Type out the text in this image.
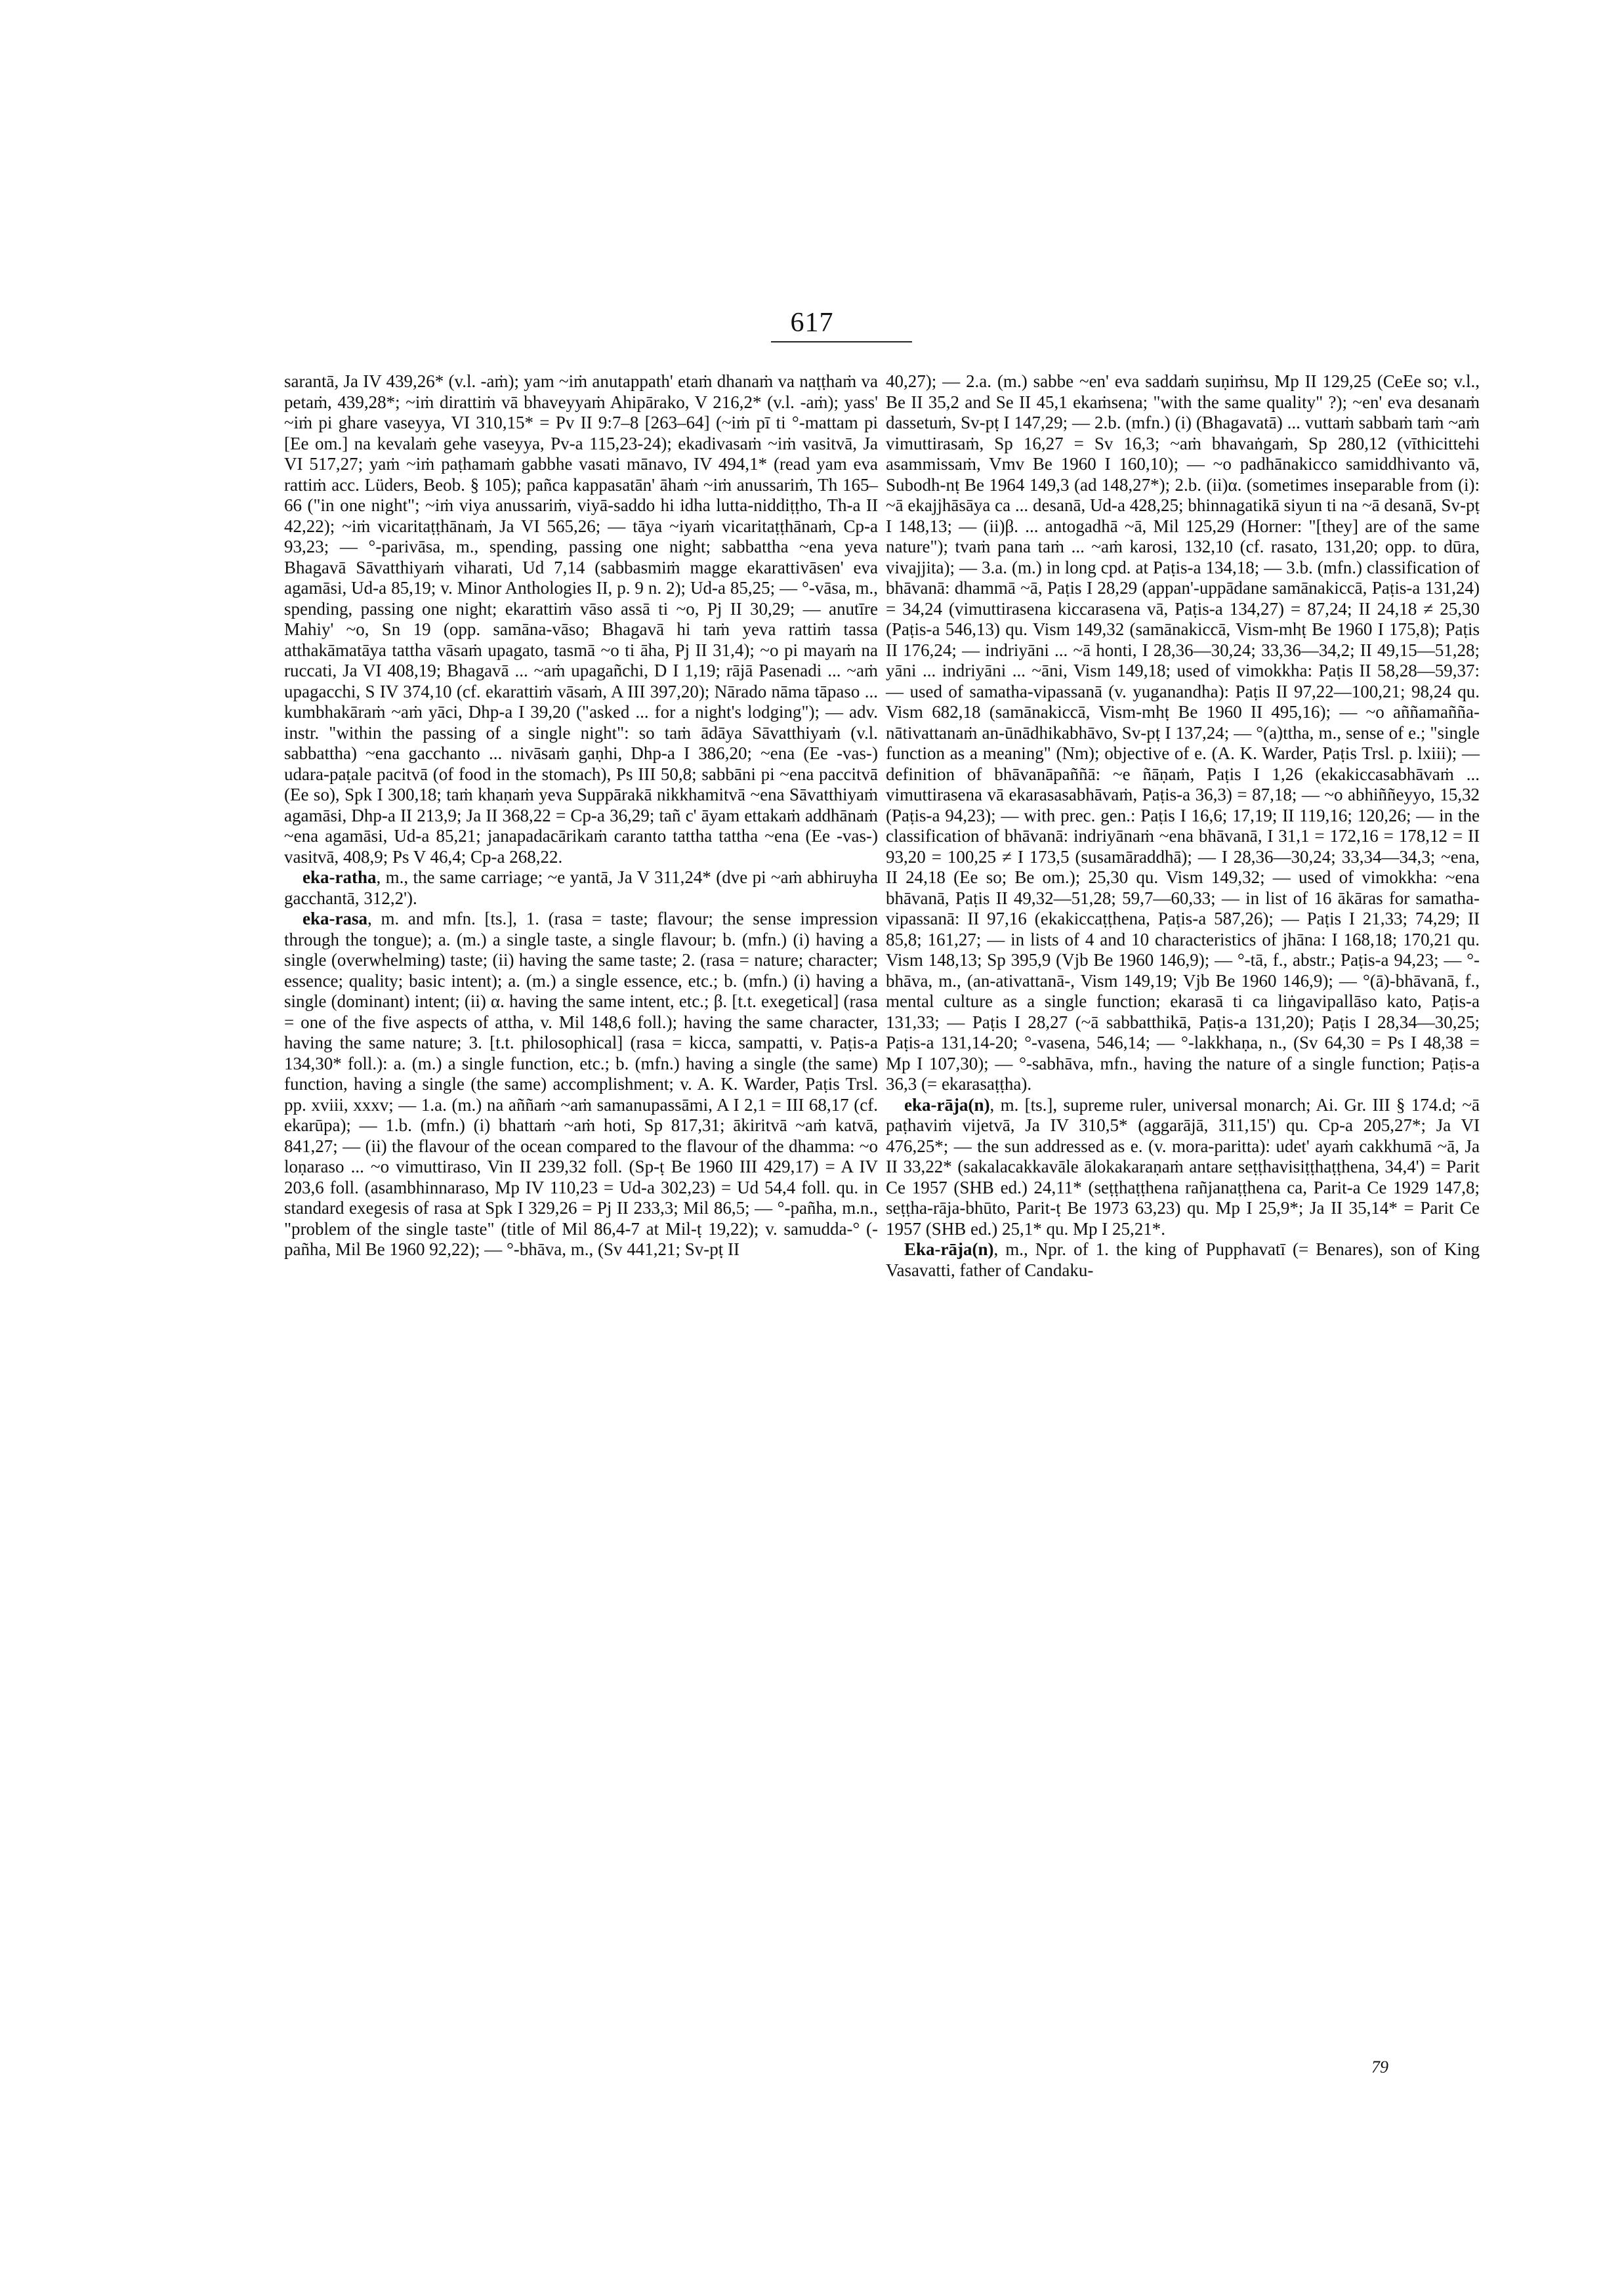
617

sarantā, Ja IV 439,26* (v.l. -aṁ); yam ~iṁ anutappath' etaṁ dhanaṁ va naṭṭhaṁ va petaṁ, 439,28*; ~iṁ dirattiṁ vā bhaveyyaṁ Ahipārako, V 216,2* (v.l. -aṁ); yass' ~iṁ pi ghare vaseyya, VI 310,15* = Pv II 9:7–8 [263–64] (~iṁ pī ti °-mattam pi [Ee om.] na kevalaṁ gehe vaseyya, Pv-a 115,23-24); ekadivasaṁ ~iṁ vasitvā, Ja VI 517,27; yaṁ ~iṁ paṭhamaṁ gabbhe vasati mānavo, IV 494,1* (read yam eva rattiṁ acc. Lüders, Beob. § 105); pañca kappasatān' āhaṁ ~iṁ anussariṁ, Th 165–66 ("in one night"; ~iṁ viya anussariṁ, viyā-saddo hi idha lutta-niddiṭṭho, Th-a II 42,22); ~iṁ vicaritaṭṭhānaṁ, Ja VI 565,26; — tāya ~iyaṁ vicaritaṭṭhānaṁ, Cp-a 93,23; — °-parivāsa, m., spending, passing one night; sabbattha ~ena yeva Bhagavā Sāvatthiyaṁ viharati, Ud 7,14 (sabbasmiṁ magge ekarattivāsen' eva agamāsi, Ud-a 85,19; v. Minor Anthologies II, p. 9 n. 2); Ud-a 85,25; — °-vāsa, m., spending, passing one night; ekarattiṁ vāso assā ti ~o, Pj II 30,29; — anutīre Mahiy' ~o, Sn 19 (opp. samāna-vāso; Bhagavā hi taṁ yeva rattiṁ tassa atthakāmatāya tattha vāsaṁ upagato, tasmā ~o ti āha, Pj II 31,4); ~o pi mayaṁ na ruccati, Ja VI 408,19; Bhagavā ... ~aṁ upagañchi, D I 1,19; rājā Pasenadi ... ~aṁ upagacchi, S IV 374,10 (cf. ekarattiṁ vāsaṁ, A III 397,20); Nārado nāma tāpaso ... kumbhakāraṁ ~aṁ yāci, Dhp-a I 39,20 ("asked ... for a night's lodging"); — adv. instr. "within the passing of a single night": so taṁ ādāya Sāvatthiyaṁ (v.l. sabbattha) ~ena gacchanto ... nivāsaṁ gaṇhi, Dhp-a I 386,20; ~ena (Ee -vas-) udara-paṭale pacitvā (of food in the stomach), Ps III 50,8; sabbāni pi ~ena paccitvā (Ee so), Spk I 300,18; taṁ khaṇaṁ yeva Suppārakā nikkhamitvā ~ena Sāvatthiyaṁ agamāsi, Dhp-a II 213,9; Ja II 368,22 = Cp-a 36,29; tañ c' āyam ettakaṁ addhānaṁ ~ena agamāsi, Ud-a 85,21; janapadacārikaṁ caranto tattha tattha ~ena (Ee -vas-) vasitvā, 408,9; Ps V 46,4; Cp-a 268,22.

eka-ratha, m., the same carriage; ~e yantā, Ja V 311,24* (dve pi ~aṁ abhiruyha gacchantā, 312,2').

eka-rasa, m. and mfn. [ts.], 1. (rasa = taste; flavour; the sense impression through the tongue); a. (m.) a single taste, a single flavour; b. (mfn.) (i) having a single (overwhelming) taste; (ii) having the same taste; 2. (rasa = nature; character; essence; quality; basic intent); a. (m.) a single essence, etc.; b. (mfn.) (i) having a single (dominant) intent; (ii) α. having the same intent, etc.; β. [t.t. exegetical] (rasa = one of the five aspects of attha, v. Mil 148,6 foll.); having the same character, having the same nature; 3. [t.t. philosophical] (rasa = kicca, sampatti, v. Paṭis-a 134,30* foll.): a. (m.) a single function, etc.; b. (mfn.) having a single (the same) function, having a single (the same) accomplishment; v. A. K. Warder, Paṭis Trsl. pp. xviii, xxxv; — 1.a. (m.) na aññaṁ ~aṁ samanupassāmi, A I 2,1 = III 68,17 (cf. ekarūpa); — 1.b. (mfn.) (i) bhattaṁ ~aṁ hoti, Sp 817,31; ākiritvā ~aṁ katvā, 841,27; — (ii) the flavour of the ocean compared to the flavour of the dhamma: ~o loṇaraso ... ~o vimuttiraso, Vin II 239,32 foll. (Sp-ṭ Be 1960 III 429,17) = A IV 203,6 foll. (asambhinnaraso, Mp IV 110,23 = Ud-a 302,23) = Ud 54,4 foll. qu. in standard exegesis of rasa at Spk I 329,26 = Pj II 233,3; Mil 86,5; — °-pañha, m.n., "problem of the single taste" (title of Mil 86,4-7 at Mil-ṭ 19,22); v. samudda-° (-pañha, Mil Be 1960 92,22); — °-bhāva, m., (Sv 441,21; Sv-pṭ II

40,27); — 2.a. (m.) sabbe ~en' eva saddaṁ suṇiṁsu, Mp II 129,25 (CeEe so; v.l., Be II 35,2 and Se II 45,1 ekaṁsena; "with the same quality" ?); ~en' eva desanaṁ dassetuṁ, Sv-pṭ I 147,29; — 2.b. (mfn.) (i) (Bhagavatā) ... vuttaṁ sabbaṁ taṁ ~aṁ vimuttirasaṁ, Sp 16,27 = Sv 16,3; ~aṁ bhavaṅgaṁ, Sp 280,12 (vīthicittehi asammissaṁ, Vmv Be 1960 I 160,10); — ~o padhānakicco samiddhivanto vā, Subodh-nṭ Be 1964 149,3 (ad 148,27*); 2.b. (ii)α. (sometimes inseparable from (i): ~ā ekajjhāsāya ca ... desanā, Ud-a 428,25; bhinnagatikā siyun ti na ~ā desanā, Sv-pṭ I 148,13; — (ii)β. ... antogadhā ~ā, Mil 125,29 (Horner: "[they] are of the same nature"); tvaṁ pana taṁ ... ~aṁ karosi, 132,10 (cf. rasato, 131,20; opp. to dūra, vivajjita); — 3.a. (m.) in long cpd. at Paṭis-a 134,18; — 3.b. (mfn.) classification of bhāvanā: dhammā ~ā, Paṭis I 28,29 (appan'-uppādane samānakiccā, Paṭis-a 131,24) = 34,24 (vimuttirasena kiccarasena vā, Paṭis-a 134,27) = 87,24; II 24,18 ≠ 25,30 (Paṭis-a 546,13) qu. Vism 149,32 (samānakiccā, Vism-mhṭ Be 1960 I 175,8); Paṭis II 176,24; — indriyāni ... ~ā honti, I 28,36—30,24; 33,36—34,2; II 49,15—51,28; yāni ... indriyāni ... ~āni, Vism 149,18; used of vimokkha: Paṭis II 58,28—59,37: — used of samatha-vipassanā (v. yuganandha): Paṭis II 97,22—100,21; 98,24 qu. Vism 682,18 (samānakiccā, Vism-mhṭ Be 1960 II 495,16); — ~o aññamañña-nātivattanaṁ an-ūnādhikabhāvo, Sv-pṭ I 137,24; — °(a)ttha, m., sense of e.; "single function as a meaning" (Nm); objective of e. (A. K. Warder, Paṭis Trsl. p. lxiii); — definition of bhāvanāpaññā: ~e ñāṇaṁ, Paṭis I 1,26 (ekakiccasabhāvaṁ ... vimuttirasena vā ekarasasabhāvaṁ, Paṭis-a 36,3) = 87,18; — ~o abhiññeyyo, 15,32 (Paṭis-a 94,23); — with prec. gen.: Paṭis I 16,6; 17,19; II 119,16; 120,26; — in the classification of bhāvanā: indriyānaṁ ~ena bhāvanā, I 31,1 = 172,16 = 178,12 = II 93,20 = 100,25 ≠ I 173,5 (susamāraddhā); — I 28,36—30,24; 33,34—34,3; ~ena, II 24,18 (Ee so; Be om.); 25,30 qu. Vism 149,32; — used of vimokkha: ~ena bhāvanā, Paṭis II 49,32—51,28; 59,7—60,33; — in list of 16 ākāras for samatha-vipassanā: II 97,16 (ekakiccaṭṭhena, Paṭis-a 587,26); — Paṭis I 21,33; 74,29; II 85,8; 161,27; — in lists of 4 and 10 characteristics of jhāna: I 168,18; 170,21 qu. Vism 148,13; Sp 395,9 (Vjb Be 1960 146,9); — °-tā, f., abstr.; Paṭis-a 94,23; — °-bhāva, m., (an-ativattanā-, Vism 149,19; Vjb Be 1960 146,9); — °(ā)-bhāvanā, f., mental culture as a single function; ekarasā ti ca liṅgavipallāso kato, Paṭis-a 131,33; — Paṭis I 28,27 (~ā sabbatthikā, Paṭis-a 131,20); Paṭis I 28,34—30,25; Paṭis-a 131,14-20; °-vasena, 546,14; — °-lakkhaṇa, n., (Sv 64,30 = Ps I 48,38 = Mp I 107,30); — °-sabhāva, mfn., having the nature of a single function; Paṭis-a 36,3 (= ekarasaṭṭha).

eka-rāja(n), m. [ts.], supreme ruler, universal monarch; Ai. Gr. III § 174.d; ~ā paṭhaviṁ vijetvā, Ja IV 310,5* (aggarājā, 311,15') qu. Cp-a 205,27*; Ja VI 476,25*; — the sun addressed as e. (v. mora-paritta): udet' ayaṁ cakkhumā ~ā, Ja II 33,22* (sakalacakkavāle ālokakaraṇaṁ antare seṭṭhavisiṭṭhaṭṭhena, 34,4') = Parit Ce 1957 (SHB ed.) 24,11* (seṭṭhaṭṭhena rañjanaṭṭhena ca, Parit-a Ce 1929 147,8; seṭṭha-rāja-bhūto, Parit-ṭ Be 1973 63,23) qu. Mp I 25,9*; Ja II 35,14* = Parit Ce 1957 (SHB ed.) 25,1* qu. Mp I 25,21*.

Eka-rāja(n), m., Npr. of 1. the king of Pupphavatī (= Benares), son of King Vasavatti, father of Candaku-

79
